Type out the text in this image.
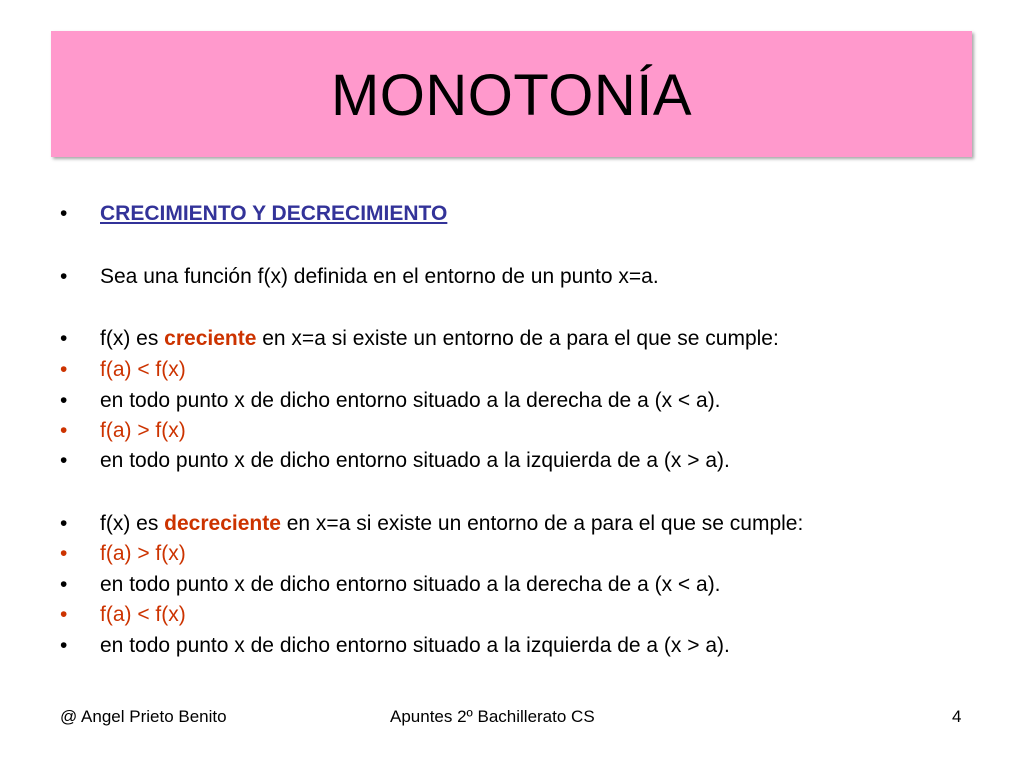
MONOTONÍA
• CRECIMIENTO Y DECRECIMIENTO
• Sea una función f(x) definida en el entorno de un punto x=a.
• f(x) es creciente en x=a si existe un entorno de a para el que se cumple:
• f(a) < f(x)
• en todo punto x de dicho entorno situado a la derecha de a (x < a).
• f(a) > f(x)
• en todo punto x de dicho entorno situado a la izquierda de a (x > a).
• f(x) es decreciente en x=a si existe un entorno de a para el que se cumple:
• f(a) > f(x)
• en todo punto x de dicho entorno situado a la derecha de a (x < a).
• f(a) < f(x)
• en todo punto x de dicho entorno situado a la izquierda de a (x > a).
@ Angel Prieto Benito	Apuntes 2º Bachillerato CS	4
